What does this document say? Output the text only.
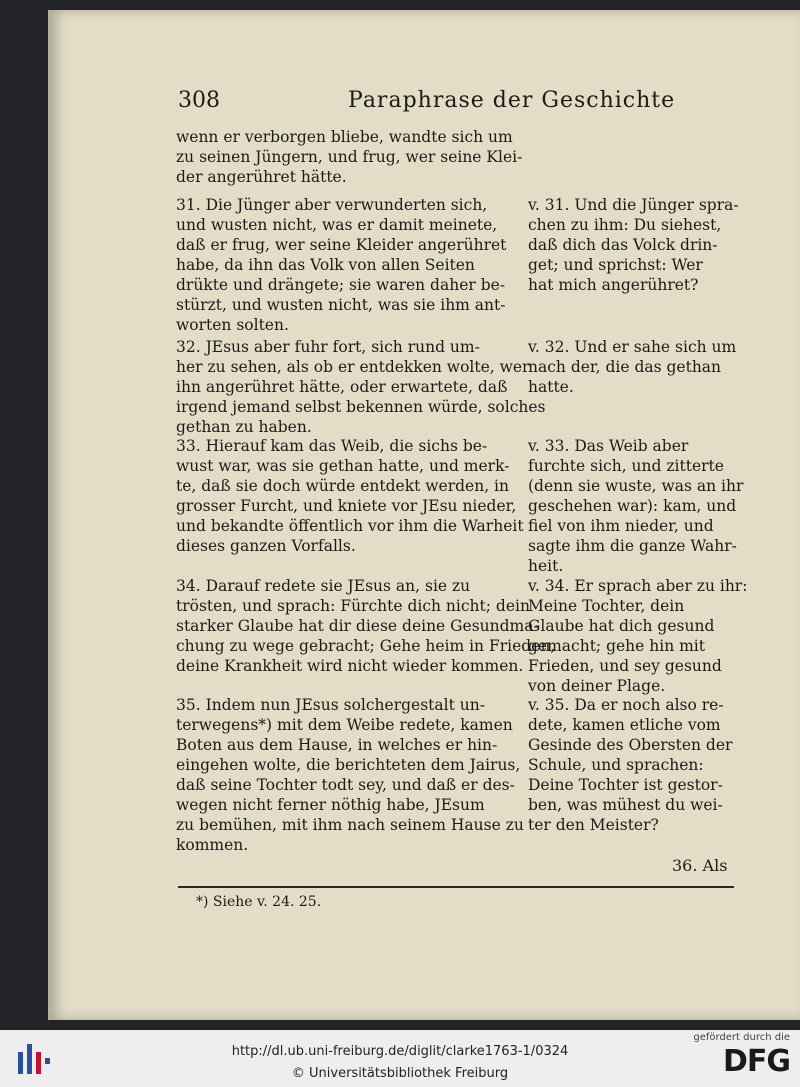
308	Paraphrase der Geschichte
wenn er verborgen bliebe, wandte sich um
zu seinen Jüngern, und frug, wer seine Klei-
der angerühret hätte.
31. Die Jünger aber verwunderten sich,
und wusten nicht, was er damit meinete,
daß er frug, wer seine Kleider angerühret
habe, da ihn das Volk von allen Seiten
drükte und drängete; sie waren daher be-
stürzt, und wusten nicht, was sie ihm ant-
worten solten.
v. 31. Und die Jünger spra-
chen zu ihm: Du siehest,
daß dich das Volck drin-
get; und sprichst: Wer
hat mich angerühret?
32. JEsus aber fuhr fort, sich rund um-
her zu sehen, als ob er entdekken wolte, wer
ihn angerühret hätte, oder erwartete, daß
irgend jemand selbst bekennen würde, solches
gethan zu haben.
v. 32. Und er sahe sich um
nach der, die das gethan
hatte.
33. Hierauf kam das Weib, die sichs be-
wust war, was sie gethan hatte, und merk-
te, daß sie doch würde entdekt werden, in
grosser Furcht, und kniete vor JEsu nieder,
und bekandte öffentlich vor ihm die Warheit
dieses ganzen Vorfalls.
v. 33. Das Weib aber
furchte sich, und zitterte
(denn sie wuste, was an ihr
geschehen war): kam, und
fiel von ihm nieder, und
sagte ihm die ganze Wahr-
heit.
34. Darauf redete sie JEsus an, sie zu
trösten, und sprach: Fürchte dich nicht; dein
starker Glaube hat dir diese deine Gesundma-
chung zu wege gebracht; Gehe heim in Frieden,
deine Krankheit wird nicht wieder kommen.
v. 34. Er sprach aber zu ihr:
Meine Tochter, dein
Glaube hat dich gesund
gemacht; gehe hin mit
Frieden, und sey gesund
von deiner Plage.
35. Indem nun JEsus solchergestalt un-
terwegens*) mit dem Weibe redete, kamen
Boten aus dem Hause, in welches er hin-
eingehen wolte, die berichteten dem Jairus,
daß seine Tochter todt sey, und daß er des-
wegen nicht ferner nöthig habe, JEsum
zu bemühen, mit ihm nach seinem Hause zu
kommen.
v. 35. Da er noch also re-
dete, kamen etliche vom
Gesinde des Obersten der
Schule, und sprachen:
Deine Tochter ist gestor-
ben, was mühest du wei-
ter den Meister?
36. Als
*) Siehe v. 24. 25.
http://dl.ub.uni-freiburg.de/diglit/clarke1763-1/0324
© Universitätsbibliothek Freiburg
gefördert durch die
DFG
